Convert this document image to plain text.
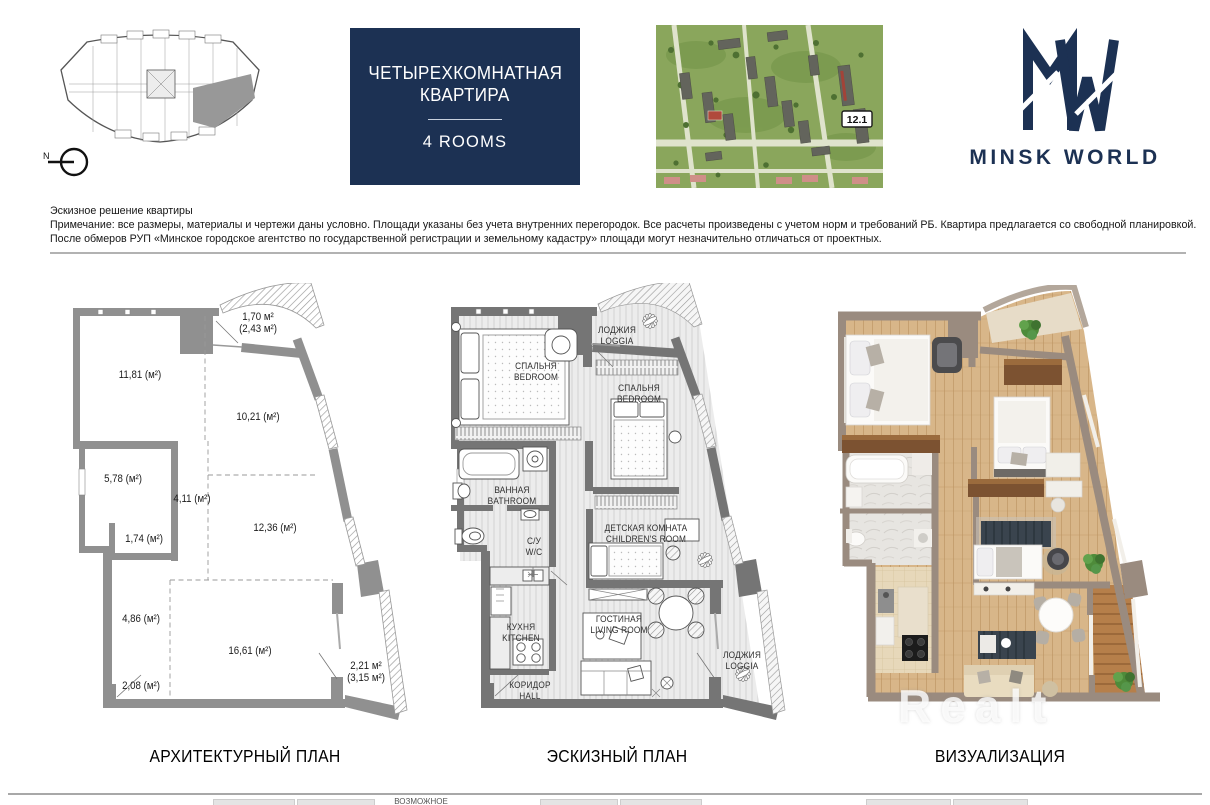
N
ЧЕТЫРЕХКОМНАТНАЯ
КВАРТИРА
4 ROOMS
12.1
MINSK WORLD
Эскизное решение квартиры
Примечание: все размеры, материалы и чертежи даны условно. Площади указаны без учета внутренних перегородок. Все расчеты произведены с учетом норм и требований РБ. Квартира предлагается со свободной планировкой.
После обмеров РУП «Минское городское агентство по государственной регистрации и земельному кадастру» площади могут незначительно отличаться от проектных.
1,70 м²
(2,43 м²)
11,81 (м²)
10,21 (м²)
5,78 (м²)
4,11 (м²)
1,74 (м²)
12,36 (м²)
4,86 (м²)
16,61 (м²)
2,08 (м²)
2,21 м²
(3,15 м²)
ЛОДЖИЯ
LOGGIA
СПАЛЬНЯ
BEDROOM
СПАЛЬНЯ
BEDROOM
ВАННАЯ
BATHROOM
С/У
W/C
ДЕТСКАЯ КОМНАТА
CHILDREN'S ROOM
КУХНЯ
KITCHEN
ГОСТИНАЯ
LIVING ROOM
КОРИДОР
HALL
ЛОДЖИЯ
LOGGIA
Realt
АРХИТЕКТУРНЫЙ ПЛАН	ЭСКИЗНЫЙ ПЛАН	ВИЗУАЛИЗАЦИЯ
ВОЗМОЖНОЕ
